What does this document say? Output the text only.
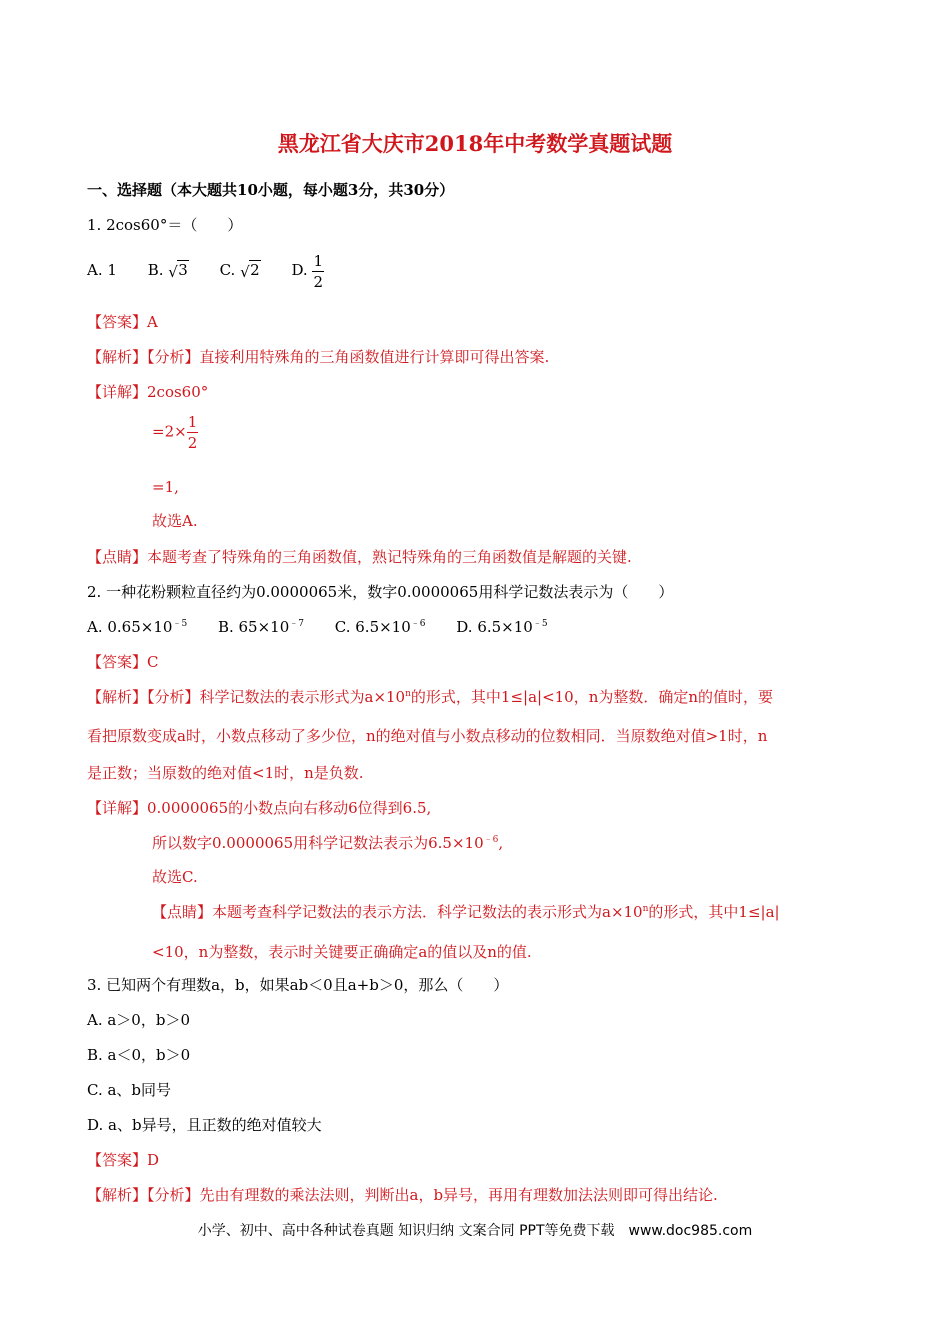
黑龙江省大庆市2018年中考数学真题试题
一、选择题（本大题共10小题，每小题3分，共30分）
1. 2cos60°＝（　　）
A. 1 B. √ 3 C. √ 2 D. $\frac{1}{2}$
【答案】A
【解析】【分析】直接利用特殊角的三角函数值进行计算即可得出答案.
【详解】2cos60°
$=2\times \frac{1}{2}$
=1,
故选A.
【点睛】本题考查了特殊角的三角函数值，熟记特殊角的三角函数值是解题的关键.
2. 一种花粉颗粒直径约为0.0000065米，数字0.0000065用科学记数法表示为（　　）
A. $0.65\times 10^{﹣5}$ B. $65\times 10^{﹣7}$ C. $6.5\times 10^{﹣6}$ D. $6.5\times 10^{﹣5}$
【答案】C
【解析】【分析】科学记数法的表示形式为$a\times 10^n$的形式，其中1≤|a|<10，n为整数．确定n的值时，要
看把原数变成a时，小数点移动了多少位，n的绝对值与小数点移动的位数相同．当原数绝对值>1时，n
是正数；当原数的绝对值<1时，n是负数.
【详解】0.0000065的小数点向右移动6位得到6.5,
所以数字0.0000065用科学记数法表示为$6.5\times 10^{﹣6}$,
故选C.
【点睛】本题考查科学记数法的表示方法．科学记数法的表示形式为$a\times 10^n$的形式，其中1≤|a|
<10，n为整数，表示时关键要正确确定a的值以及n的值.
3. 已知两个有理数a，b，如果ab＜0且a+b＞0，那么（　　）
A. a＞0，b＞0
B. a＜0，b＞0
C. a、b同号
D. a、b异号，且正数的绝对值较大
【答案】D
【解析】【分析】先由有理数的乘法法则，判断出a，b异号，再用有理数加法法则即可得出结论.
小学、初中、高中各种试卷真题 知识归纳 文案合同 PPT等免费下载　www.doc985.com
